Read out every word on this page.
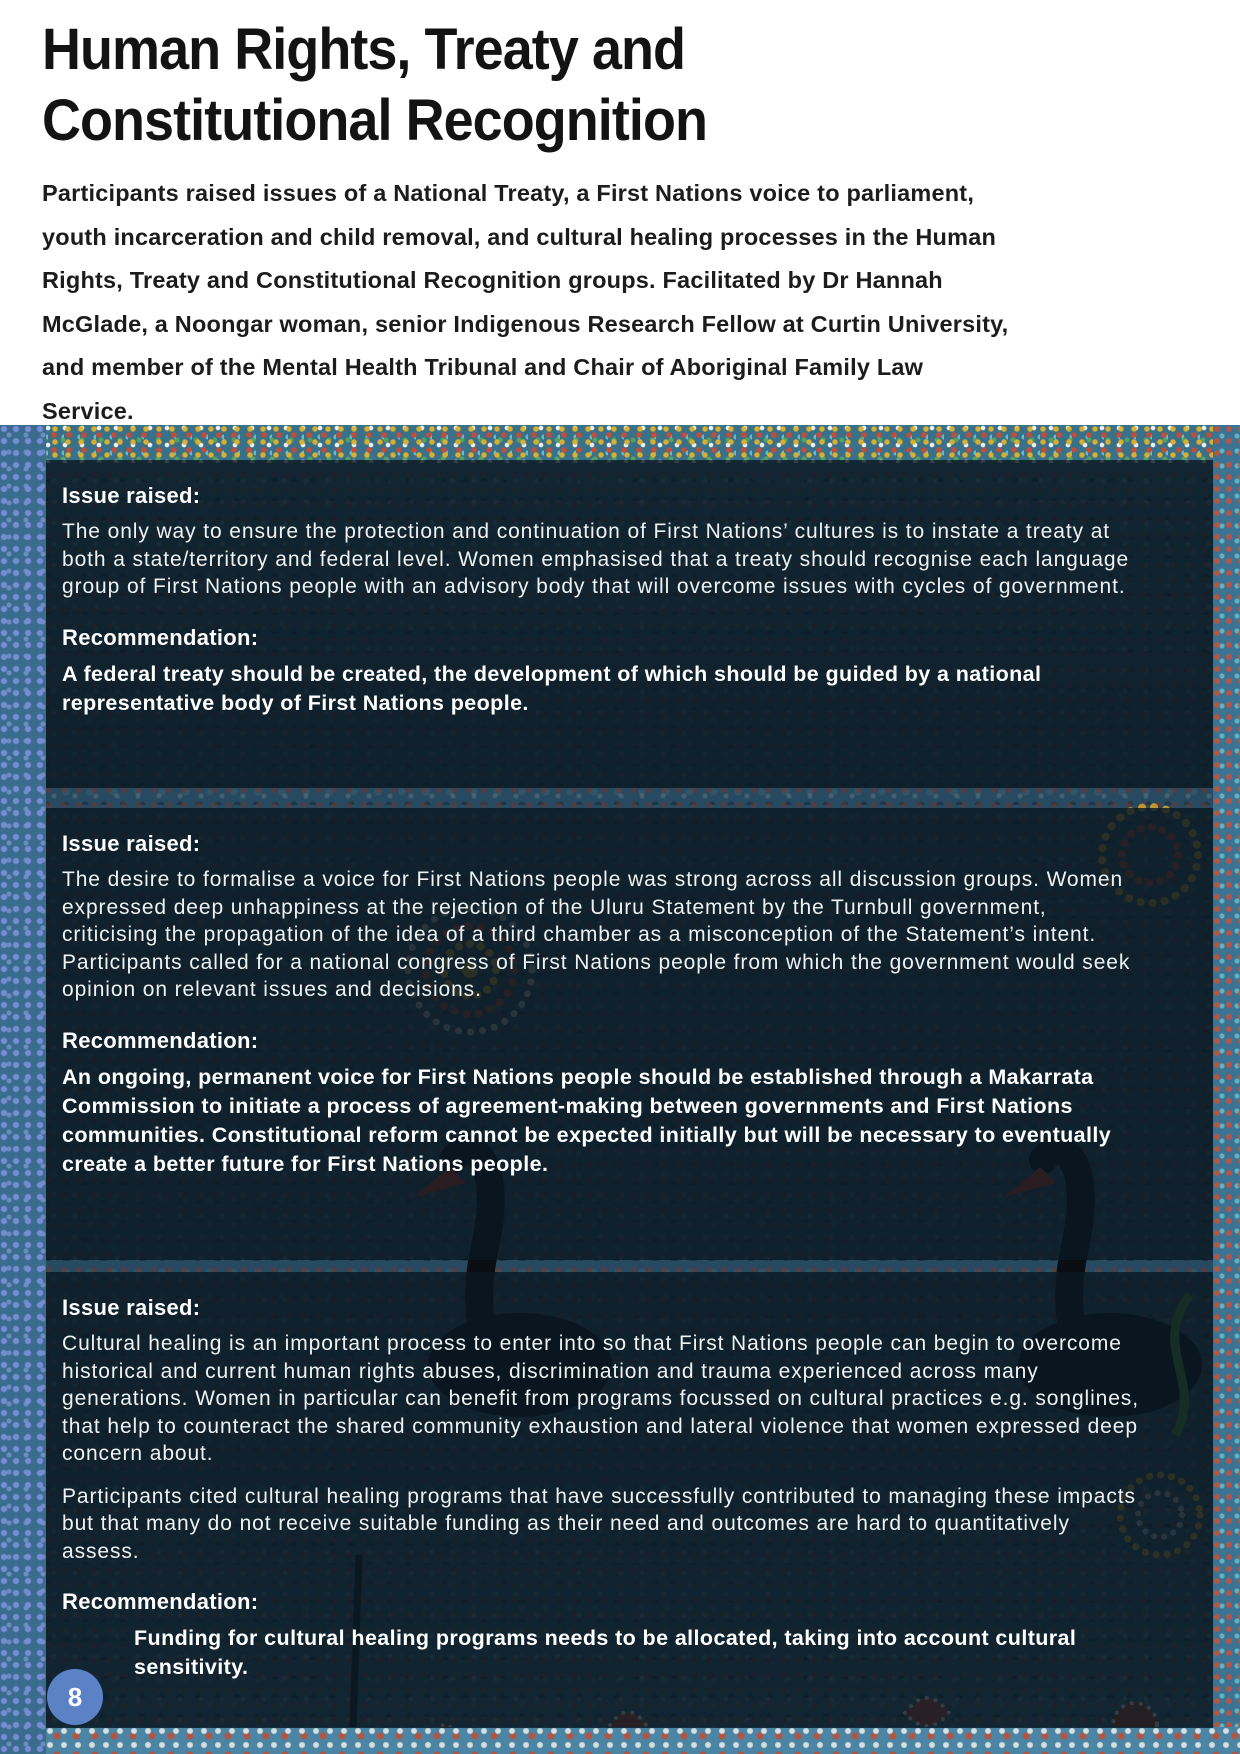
Human Rights, Treaty and
Constitutional Recognition

Participants raised issues of a National Treaty, a First Nations voice to parliament,
youth incarceration and child removal, and cultural healing processes in the Human
Rights, Treaty and Constitutional Recognition groups. Facilitated by Dr Hannah
McGlade, a Noongar woman, senior Indigenous Research Fellow at Curtin University,
and member of the Mental Health Tribunal and Chair of Aboriginal Family Law
Service.

Issue raised:

The only way to ensure the protection and continuation of First Nations’ cultures is to instate a treaty at both a state/territory and federal level. Women emphasised that a treaty should recognise each language group of First Nations people with an advisory body that will overcome issues with cycles of government.

Recommendation:

A federal treaty should be created, the development of which should be guided by a national representative body of First Nations people.

Issue raised:

The desire to formalise a voice for First Nations people was strong across all discussion groups. Women expressed deep unhappiness at the rejection of the Uluru Statement by the Turnbull government, criticising the propagation of the idea of a third chamber as a misconception of the Statement’s intent. Participants called for a national congress of First Nations people from which the government would seek opinion on relevant issues and decisions.

Recommendation:

An ongoing, permanent voice for First Nations people should be established through a Makarrata Commission to initiate a process of agreement-making between governments and First Nations communities. Constitutional reform cannot be expected initially but will be necessary to eventually create a better future for First Nations people.

Issue raised:

Cultural healing is an important process to enter into so that First Nations people can begin to overcome historical and current human rights abuses, discrimination and trauma experienced across many generations. Women in particular can benefit from programs focussed on cultural practices e.g. songlines, that help to counteract the shared community exhaustion and lateral violence that women expressed deep concern about.

Participants cited cultural healing programs that have successfully contributed to managing these impacts but that many do not receive suitable funding as their need and outcomes are hard to quantitatively assess.

Recommendation:

Funding for cultural healing programs needs to be allocated, taking into account cultural sensitivity.

8
